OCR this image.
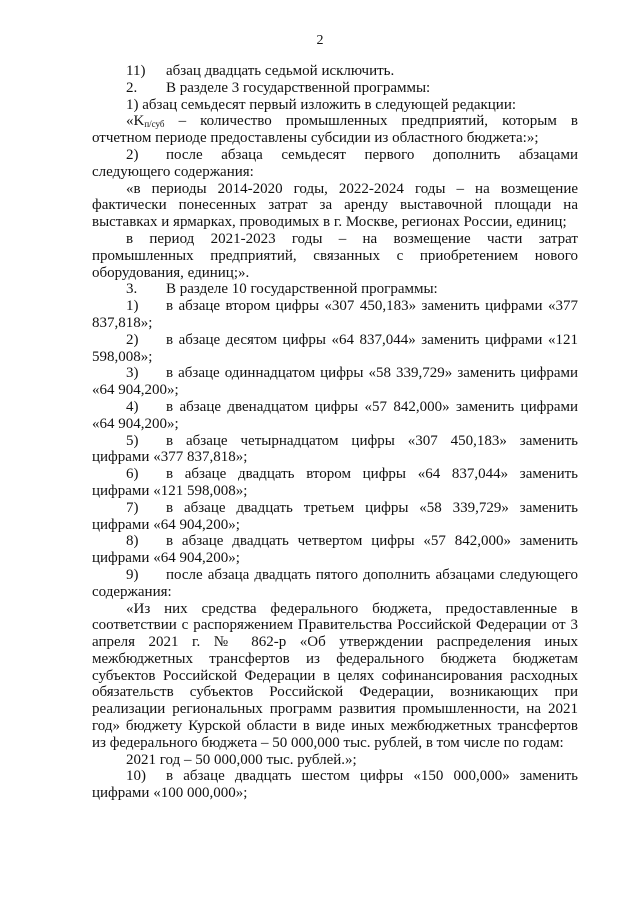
2

11) абзац двадцать седьмой исключить.

2. В разделе 3 государственной программы:

1) абзац семьдесят первый изложить в следующей редакции:

«$K_{п/суб}$ – количество промышленных предприятий, которым в отчетном периоде предоставлены субсидии из областного бюджета:»;

2) после абзаца семьдесят первого дополнить абзацами следующего содержания:

«в периоды 2014-2020 годы, 2022-2024 годы – на возмещение фактически понесенных затрат за аренду выставочной площади на выставках и ярмарках, проводимых в г. Москве, регионах России, единиц;

в период 2021-2023 годы – на возмещение части затрат промышленных предприятий, связанных с приобретением нового оборудования, единиц;».

3. В разделе 10 государственной программы:

1) в абзаце втором цифры «307 450,183» заменить цифрами «377 837,818»;

2) в абзаце десятом цифры «64 837,044» заменить цифрами «121 598,008»;

3) в абзаце одиннадцатом цифры «58 339,729» заменить цифрами «64 904,200»;

4) в абзаце двенадцатом цифры «57 842,000» заменить цифрами «64 904,200»;

5) в абзаце четырнадцатом цифры «307 450,183» заменить цифрами «377 837,818»;

6) в абзаце двадцать втором цифры «64 837,044» заменить цифрами «121 598,008»;

7) в абзаце двадцать третьем цифры «58 339,729» заменить цифрами «64 904,200»;

8) в абзаце двадцать четвертом цифры «57 842,000» заменить цифрами «64 904,200»;

9) после абзаца двадцать пятого дополнить абзацами следующего содержания:

«Из них средства федерального бюджета, предоставленные в соответствии с распоряжением Правительства Российской Федерации от 3 апреля 2021 г. № 862-р «Об утверждении распределения иных межбюджетных трансфертов из федерального бюджета бюджетам субъектов Российской Федерации в целях софинансирования расходных обязательств субъектов Российской Федерации, возникающих при реализации региональных программ развития промышленности, на 2021 год» бюджету Курской области в виде иных межбюджетных трансфертов из федерального бюджета – 50 000,000 тыс. рублей, в том числе по годам:

2021 год – 50 000,000 тыс. рублей.»;

10) в абзаце двадцать шестом цифры «150 000,000» заменить цифрами «100 000,000»;
